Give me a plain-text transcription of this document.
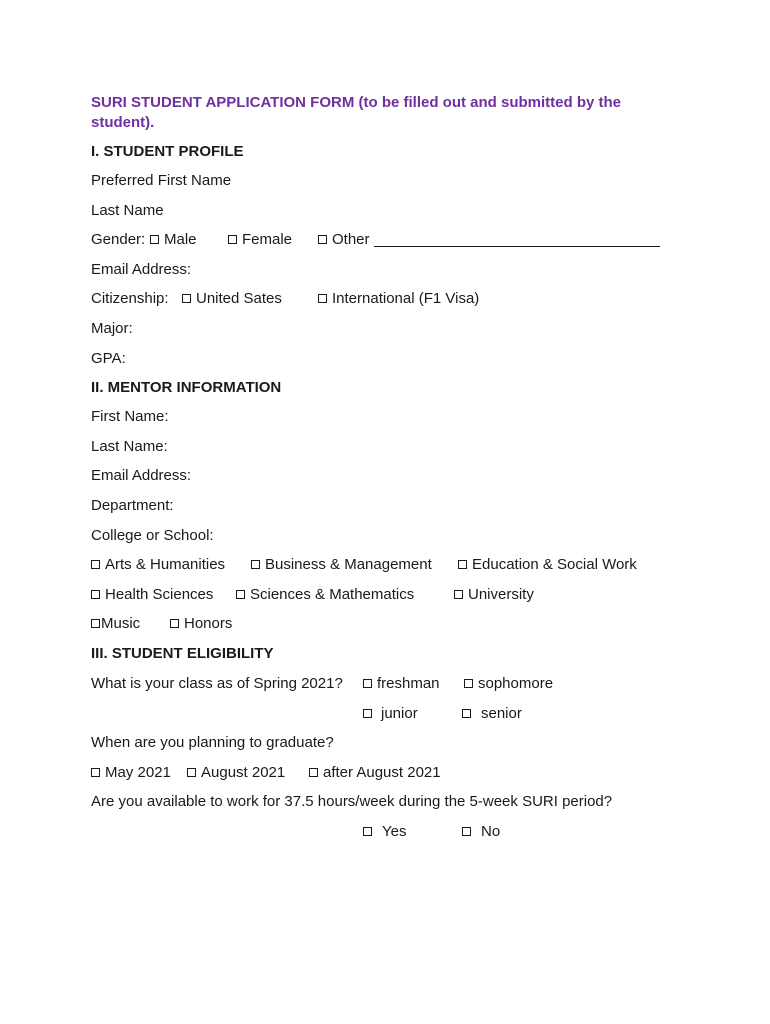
SURI STUDENT APPLICATION FORM (to be filled out and submitted by the student).
I. STUDENT PROFILE
Preferred First Name
Last Name
Gender:	Male	Female	Other
Email Address:
Citizenship:	United Sates	International (F1 Visa)
Major:
GPA:
II. MENTOR INFORMATION
First Name:
Last Name:
Email Address:
Department:
College or School:
Arts & Humanities	Business & Management	Education & Social Work
Health Sciences	Sciences & Mathematics	University
Music	Honors
III. STUDENT ELIGIBILITY
What is your class as of Spring 2021?	freshman	sophomore
junior	senior
When are you planning to graduate?
May 2021	August 2021	after August 2021
Are you available to work for 37.5 hours/week during the 5-week SURI period?
Yes	No
